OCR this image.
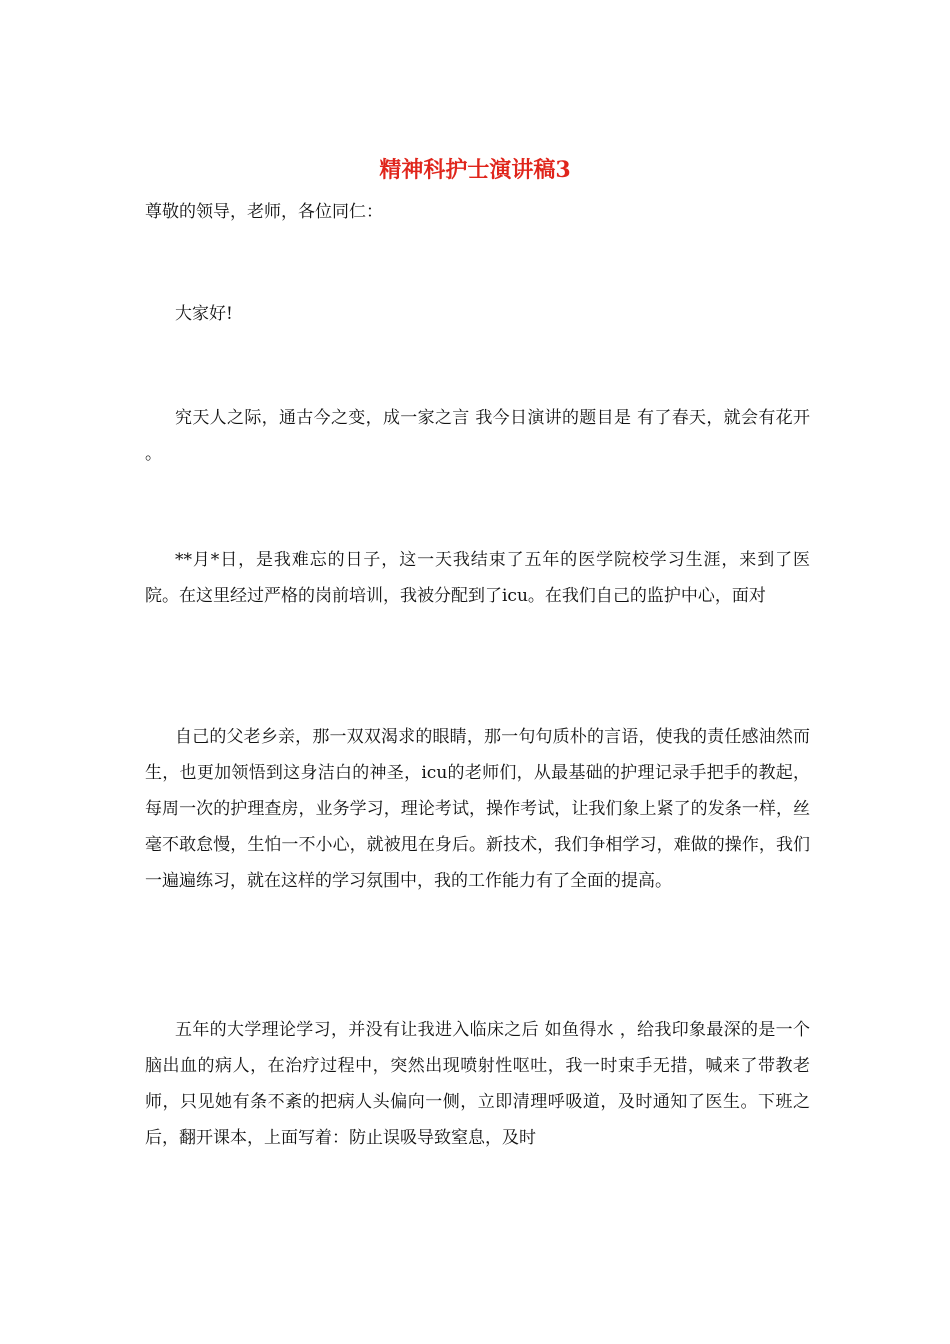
精神科护士演讲稿3

尊敬的领导，老师，各位同仁：

大家好!

究天人之际，通古今之变，成一家之言 我今日演讲的题目是 有了春天，就会有花开 。

**月*日，是我难忘的日子，这一天我结束了五年的医学院校学习生涯，来到了医院。在这里经过严格的岗前培训，我被分配到了icu。在我们自己的监护中心，面对

自己的父老乡亲，那一双双渴求的眼睛，那一句句质朴的言语，使我的责任感油然而生，也更加领悟到这身洁白的神圣，icu的老师们，从最基础的护理记录手把手的教起，每周一次的护理查房，业务学习，理论考试，操作考试，让我们象上紧了的发条一样，丝毫不敢怠慢，生怕一不小心，就被甩在身后。新技术，我们争相学习，难做的操作，我们一遍遍练习，就在这样的学习氛围中，我的工作能力有了全面的提高。

五年的大学理论学习，并没有让我进入临床之后 如鱼得水 ，给我印象最深的是一个脑出血的病人，在治疗过程中，突然出现喷射性呕吐，我一时束手无措，喊来了带教老师，只见她有条不紊的把病人头偏向一侧，立即清理呼吸道，及时通知了医生。下班之后，翻开课本，上面写着：防止误吸导致窒息，及时
